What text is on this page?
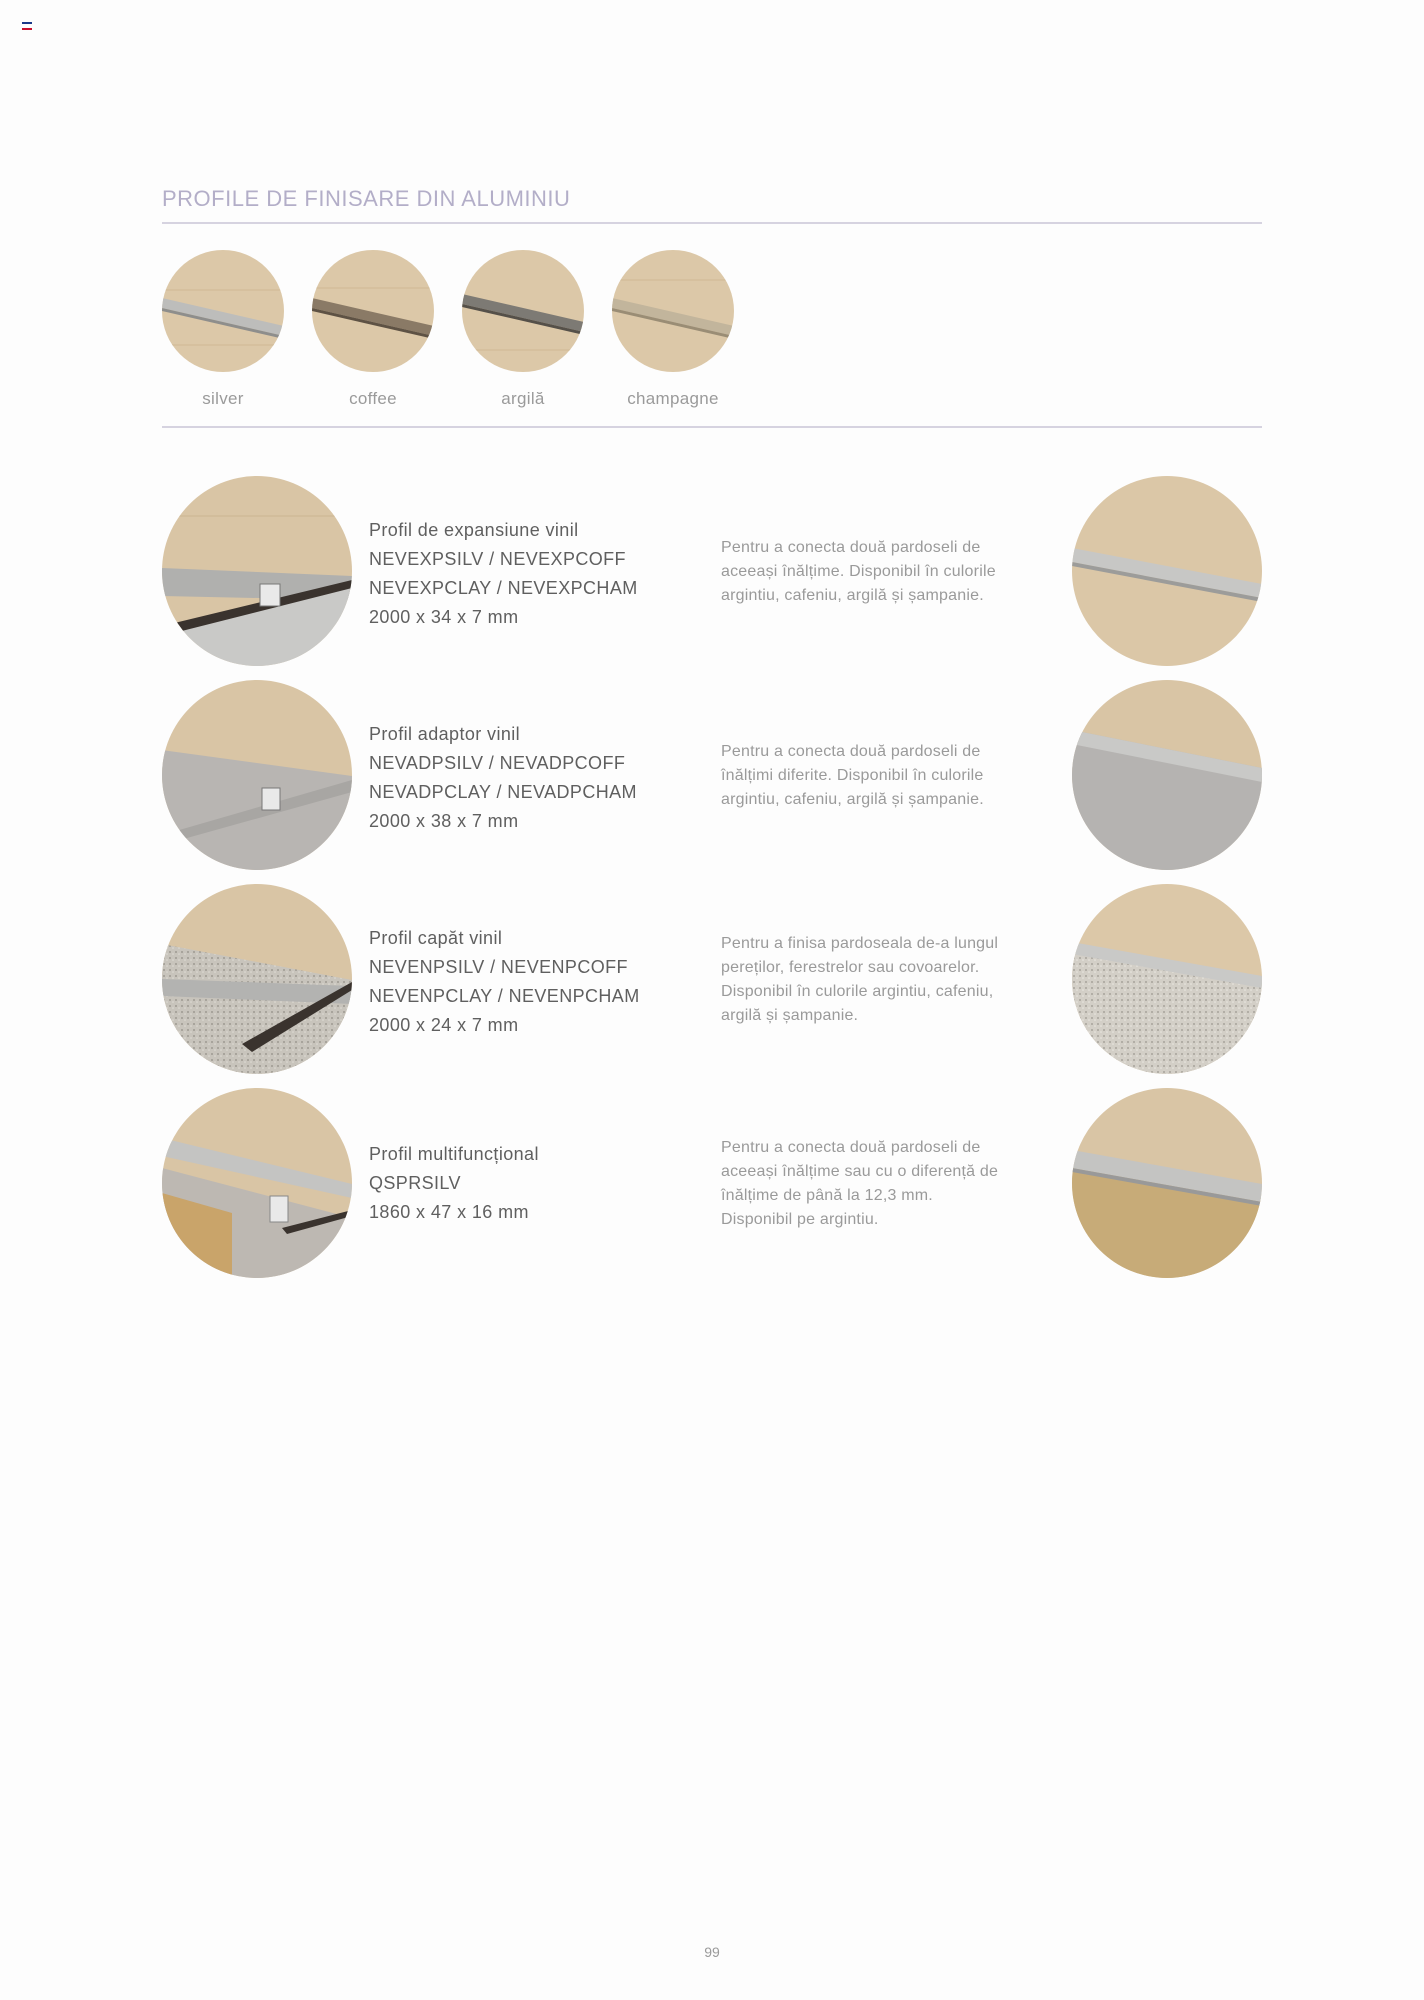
PROFILE DE FINISARE DIN ALUMINIU
silver	coffee	argilă	champagne
Profil de expansiune vinil
NEVEXPSILV / NEVEXPCOFF
NEVEXPCLAY / NEVEXPCHAM
2000 x 34 x 7 mm
Pentru a conecta două pardoseli de
aceeași înălțime. Disponibil în culorile
argintiu, cafeniu, argilă și șampanie.
Profil adaptor vinil
NEVADPSILV / NEVADPCOFF
NEVADPCLAY / NEVADPCHAM
2000 x 38 x 7 mm
Pentru a conecta două pardoseli de
înălțimi diferite. Disponibil în culorile
argintiu, cafeniu, argilă și șampanie.
Profil capăt vinil
NEVENPSILV / NEVENPCOFF
NEVENPCLAY / NEVENPCHAM
2000 x 24 x 7 mm
Pentru a finisa pardoseala de-a lungul
pereților, ferestrelor sau covoarelor.
Disponibil în culorile argintiu, cafeniu,
argilă și șampanie.
Profil multifuncțional
QSPRSILV
1860 x 47 x 16 mm
Pentru a conecta două pardoseli de
aceeași înălțime sau cu o diferență de
înălțime de până la 12,3 mm.
Disponibil pe argintiu.
99
